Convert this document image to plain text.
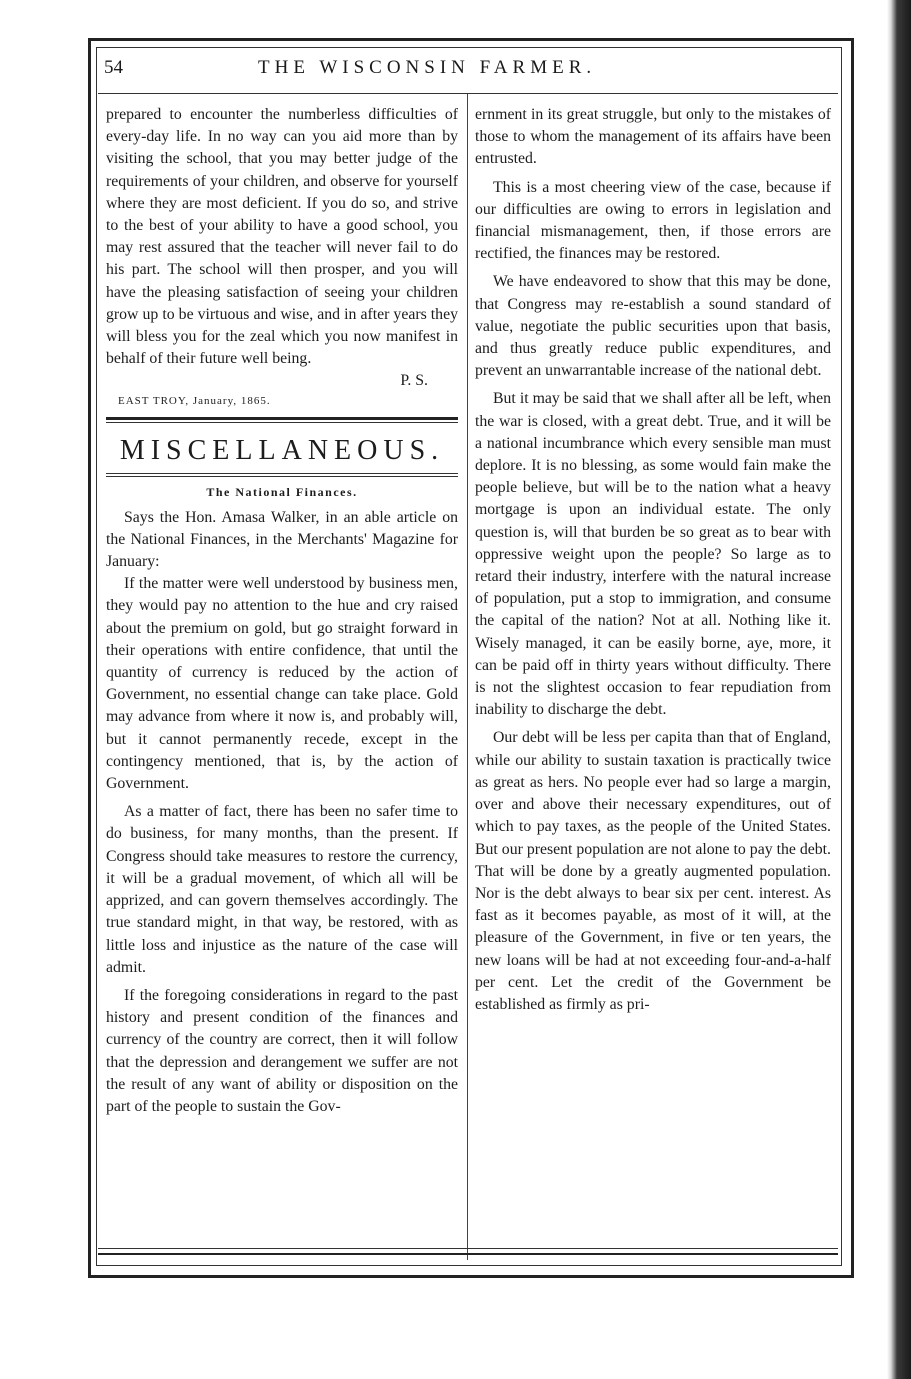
54	THE WISCONSIN FARMER.

prepared to encounter the numberless difficulties of every-day life. In no way can you aid more than by visiting the school, that you may better judge of the requirements of your children, and observe for yourself where they are most deficient. If you do so, and strive to the best of your ability to have a good school, you may rest assured that the teacher will never fail to do his part. The school will then prosper, and you will have the pleasing satisfaction of seeing your children grow up to be virtuous and wise, and in after years they will bless you for the zeal which you now manifest in behalf of their future well being.

P. S.

EAST TROY, January, 1865.

MISCELLANEOUS.
The National Finances.

Says the Hon. Amasa Walker, in an able article on the National Finances, in the Merchants' Magazine for January:

If the matter were well understood by business men, they would pay no attention to the hue and cry raised about the premium on gold, but go straight forward in their operations with entire confidence, that until the quantity of currency is reduced by the action of Government, no essential change can take place. Gold may advance from where it now is, and probably will, but it cannot permanently recede, except in the contingency mentioned, that is, by the action of Government.

As a matter of fact, there has been no safer time to do business, for many months, than the present. If Congress should take measures to restore the currency, it will be a gradual movement, of which all will be apprized, and can govern themselves accordingly. The true standard might, in that way, be restored, with as little loss and injustice as the nature of the case will admit.

If the foregoing considerations in regard to the past history and present condition of the finances and currency of the country are correct, then it will follow that the depression and derangement we suffer are not the result of any want of ability or disposition on the part of the people to sustain the Gov-

ernment in its great struggle, but only to the mistakes of those to whom the management of its affairs have been entrusted.

This is a most cheering view of the case, because if our difficulties are owing to errors in legislation and financial mismanagement, then, if those errors are rectified, the finances may be restored.

We have endeavored to show that this may be done, that Congress may re-establish a sound standard of value, negotiate the public securities upon that basis, and thus greatly reduce public expenditures, and prevent an unwarrantable increase of the national debt.

But it may be said that we shall after all be left, when the war is closed, with a great debt. True, and it will be a national incumbrance which every sensible man must deplore. It is no blessing, as some would fain make the people believe, but will be to the nation what a heavy mortgage is upon an individual estate. The only question is, will that burden be so great as to bear with oppressive weight upon the people? So large as to retard their industry, interfere with the natural increase of population, put a stop to immigration, and consume the capital of the nation? Not at all. Nothing like it. Wisely managed, it can be easily borne, aye, more, it can be paid off in thirty years without difficulty. There is not the slightest occasion to fear repudiation from inability to discharge the debt.

Our debt will be less per capita than that of England, while our ability to sustain taxation is practically twice as great as hers. No people ever had so large a margin, over and above their necessary expenditures, out of which to pay taxes, as the people of the United States. But our present population are not alone to pay the debt. That will be done by a greatly augmented population. Nor is the debt always to bear six per cent. interest. As fast as it becomes payable, as most of it will, at the pleasure of the Government, in five or ten years, the new loans will be had at not exceeding four-and-a-half per cent. Let the credit of the Government be established as firmly as pri-
